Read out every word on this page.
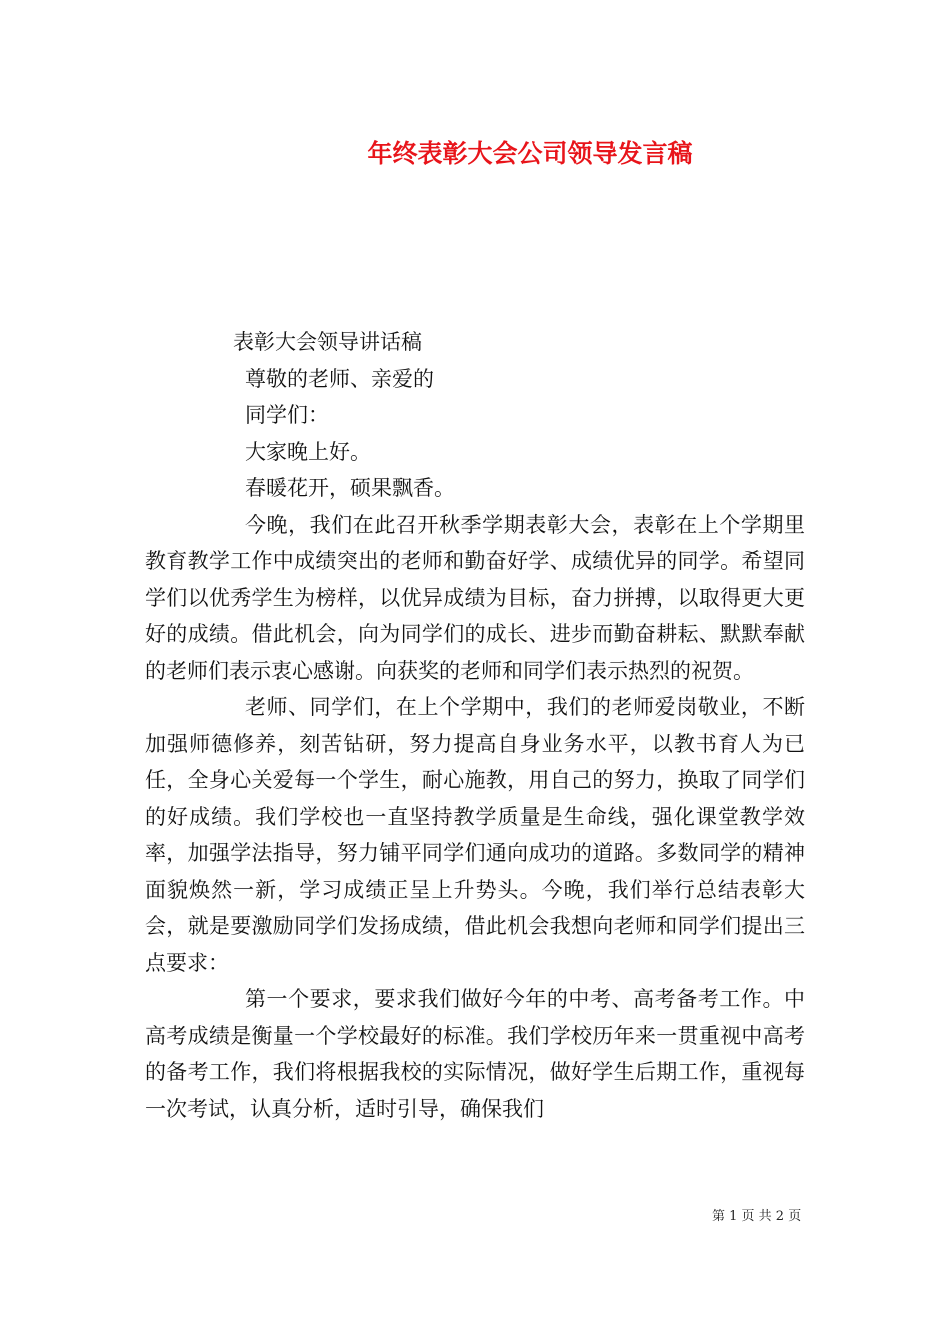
年终表彰大会公司领导发言稿

表彰大会领导讲话稿

尊敬的老师、亲爱的

同学们：

大家晚上好。

春暖花开，硕果飘香。

今晚，我们在此召开秋季学期表彰大会，表彰在上个学期里教育教学工作中成绩突出的老师和勤奋好学、成绩优异的同学。希望同学们以优秀学生为榜样，以优异成绩为目标，奋力拼搏，以取得更大更好的成绩。借此机会，向为同学们的成长、进步而勤奋耕耘、默默奉献的老师们表示衷心感谢。向获奖的老师和同学们表示热烈的祝贺。

老师、同学们，在上个学期中，我们的老师爱岗敬业，不断加强师德修养，刻苦钻研，努力提高自身业务水平，以教书育人为已任，全身心关爱每一个学生，耐心施教，用自己的努力，换取了同学们的好成绩。我们学校也一直坚持教学质量是生命线，强化课堂教学效率，加强学法指导，努力铺平同学们通向成功的道路。多数同学的精神面貌焕然一新，学习成绩正呈上升势头。今晚，我们举行总结表彰大会，就是要激励同学们发扬成绩，借此机会我想向老师和同学们提出三点要求：

第一个要求，要求我们做好今年的中考、高考备考工作。中高考成绩是衡量一个学校最好的标准。我们学校历年来一贯重视中高考的备考工作，我们将根据我校的实际情况，做好学生后期工作，重视每一次考试，认真分析，适时引导，确保我们

第 1 页 共 2 页
